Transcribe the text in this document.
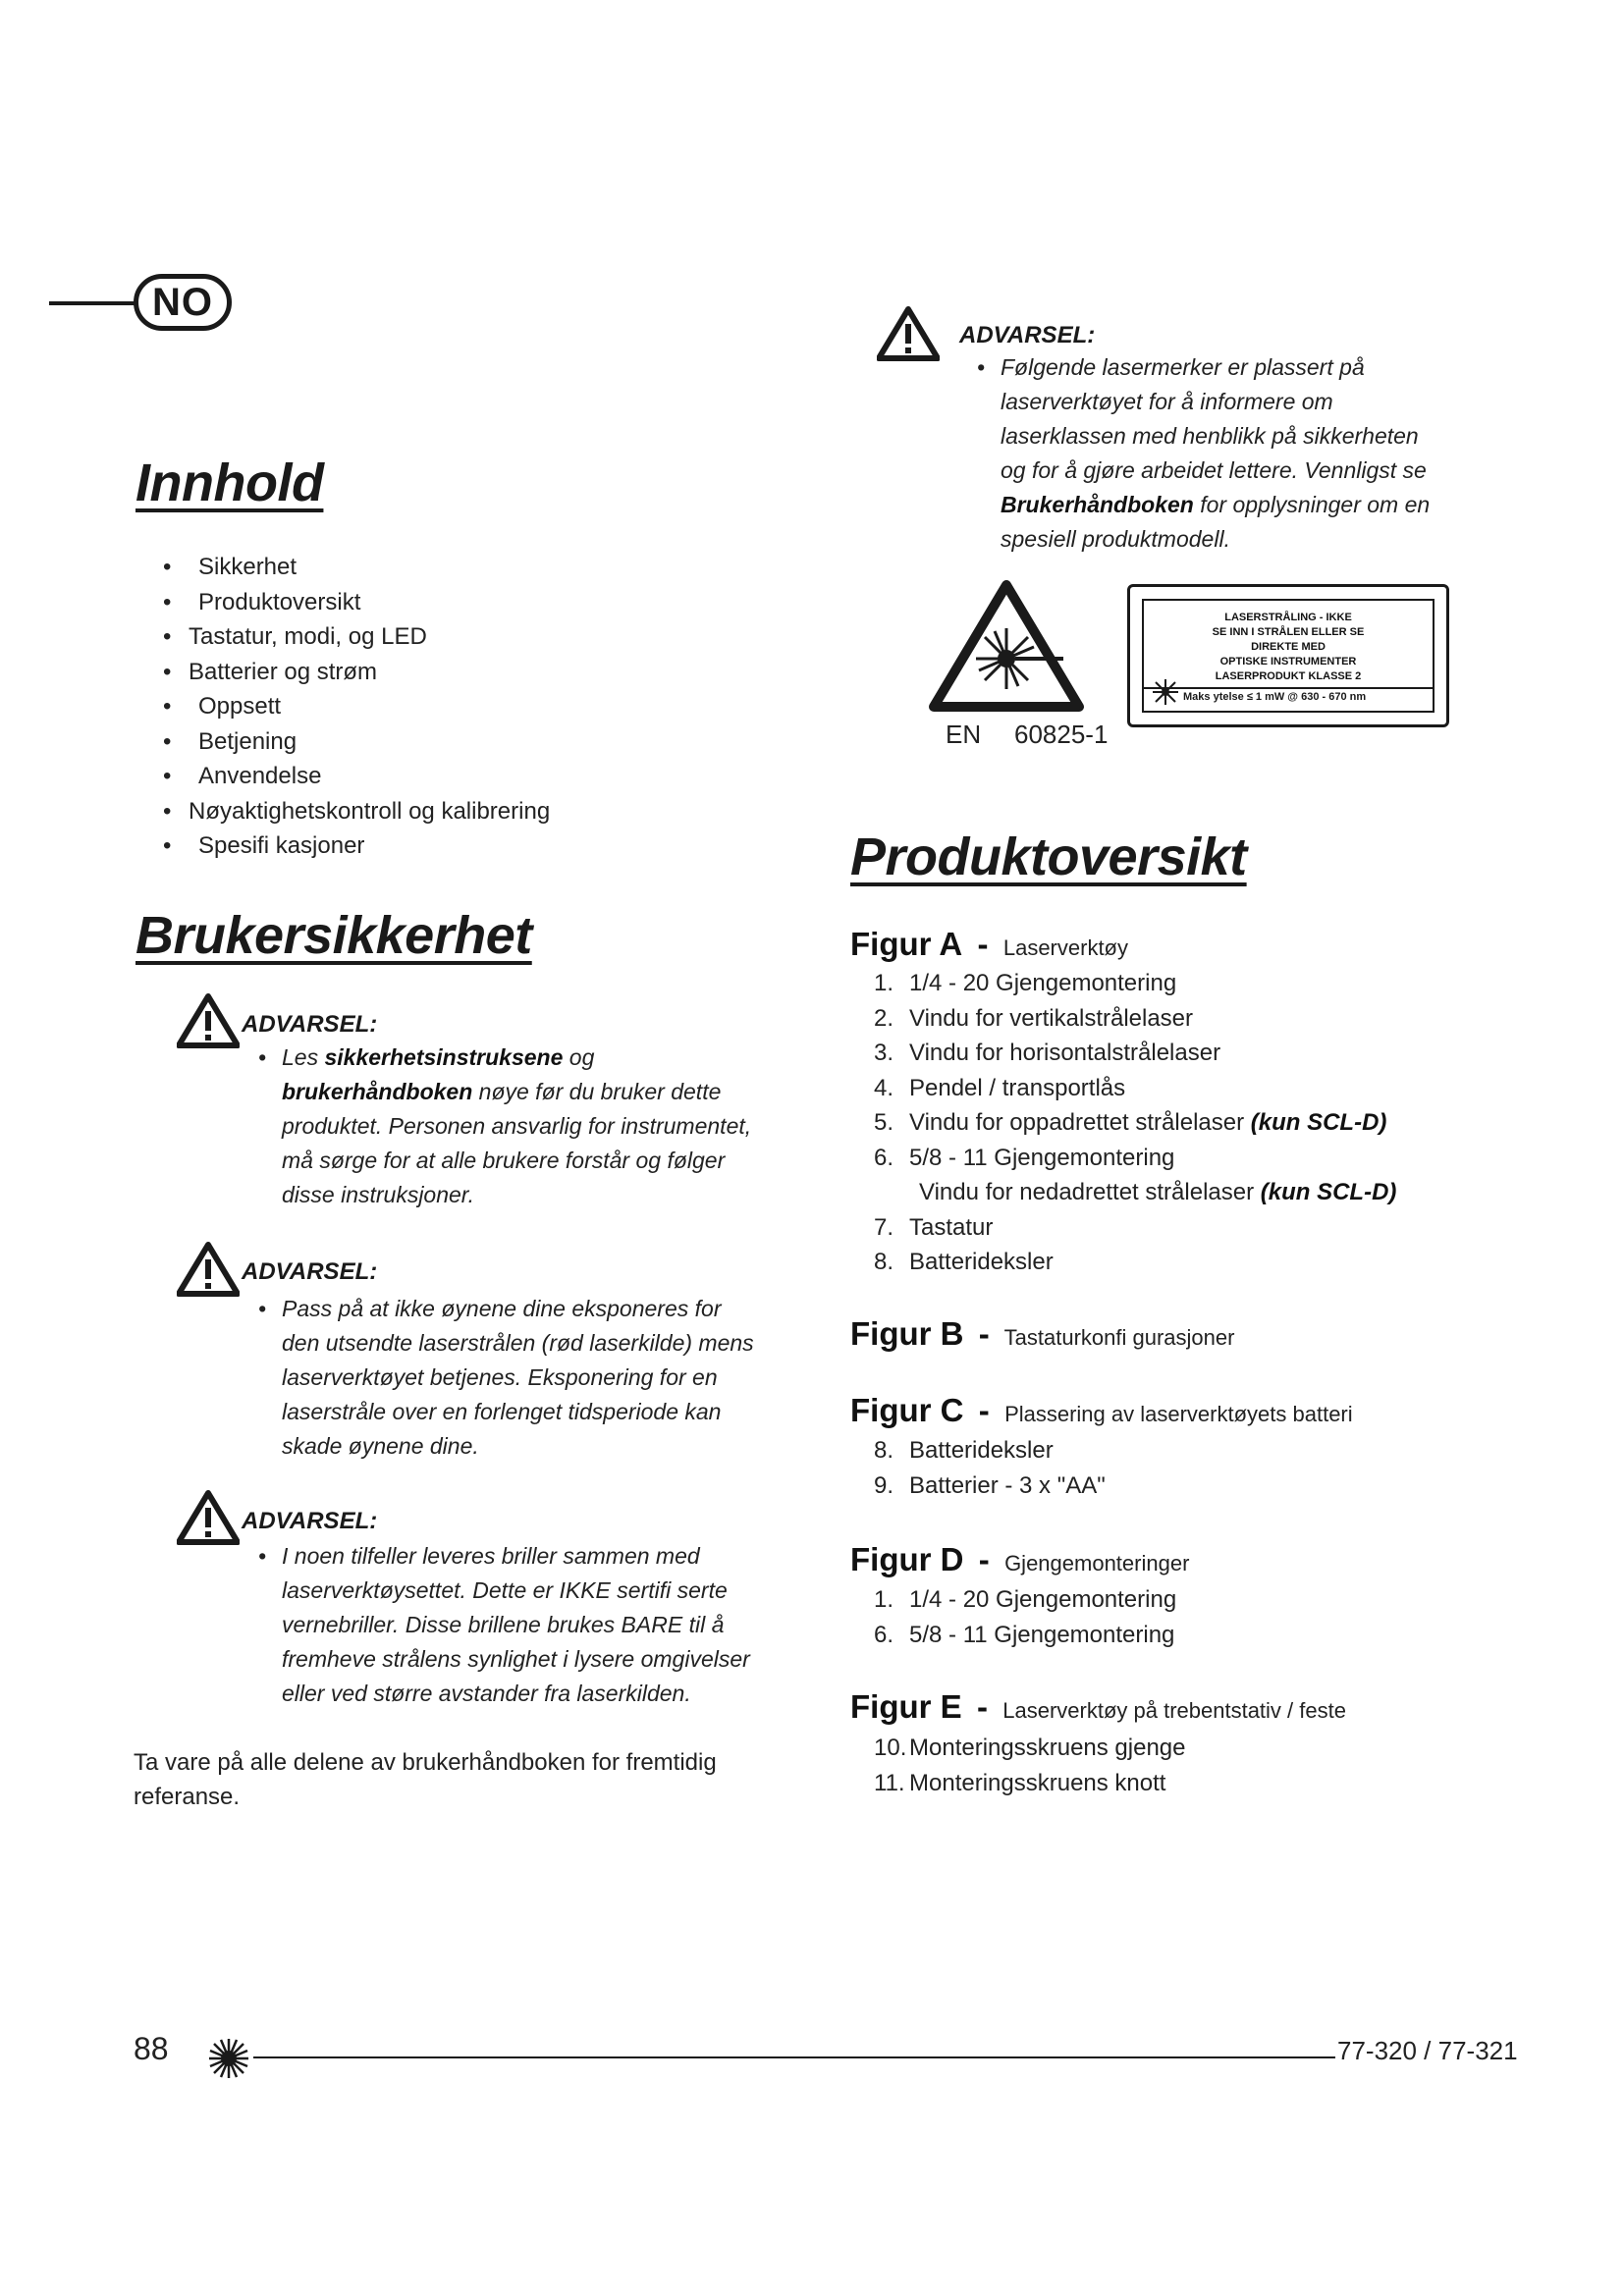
NO
Innhold
• Sikkerhet
• Produktoversikt
• Tastatur, modi, og LED
• Batterier og strøm
• Oppsett
• Betjening
• Anvendelse
• Nøyaktighetskontroll og kalibrering
• Spesifi kasjoner
Brukersikkerhet
ADVARSEL:
• Les sikkerhetsinstruksene og
brukerhåndboken nøye før du bruker dette
produktet. Personen ansvarlig for instrumentet,
må sørge for at alle brukere forstår og følger
disse instruksjoner.
ADVARSEL:
• Pass på at ikke øynene dine eksponeres for
den utsendte laserstrålen (rød laserkilde) mens
laserverktøyet betjenes. Eksponering for en
laserstråle over en forlenget tidsperiode kan
skade øynene dine.
ADVARSEL:
• I noen tilfeller leveres briller sammen med
laserverktøysettet. Dette er IKKE sertifi serte
vernebriller. Disse brillene brukes BARE til å
fremheve strålens synlighet i lysere omgivelser
eller ved større avstander fra laserkilden.
Ta vare på alle delene av brukerhåndboken for fremtidig
referanse.
ADVARSEL:
• Følgende lasermerker er plassert på
laserverktøyet for å informere om
laserklassen med henblikk på sikkerheten
og for å gjøre arbeidet lettere. Vennligst se
Brukerhåndboken for opplysninger om en
spesiell produktmodell.
LASERSTRÅLING - IKKE
SE INN I STRÅLEN ELLER SE
DIREKTE MED
OPTISKE INSTRUMENTER
LASERPRODUKT KLASSE 2
Maks ytelse ≤ 1 mW @ 630 - 670 nm
EN 60825-1
Produktoversikt
Figur A  -  Laserverktøy
1. 1/4 - 20 Gjengemontering
2. Vindu for vertikalstrålelaser
3. Vindu for horisontalstrålelaser
4. Pendel / transportlås
5. Vindu for oppadrettet strålelaser (kun SCL-D)
6. 5/8 - 11 Gjengemontering
Vindu for nedadrettet strålelaser (kun SCL-D)
7. Tastatur
8. Batterideksler
Figur B  -  Tastaturkonfi gurasjoner
Figur C  -  Plassering av laserverktøyets batteri
8. Batterideksler
9. Batterier - 3 x "AA"
Figur D  -  Gjengemonteringer
1. 1/4 - 20 Gjengemontering
6. 5/8 - 11 Gjengemontering
Figur E  -  Laserverktøy på trebentstativ / feste
10. Monteringsskruens gjenge
11. Monteringsskruens knott
88	77-320 / 77-321
